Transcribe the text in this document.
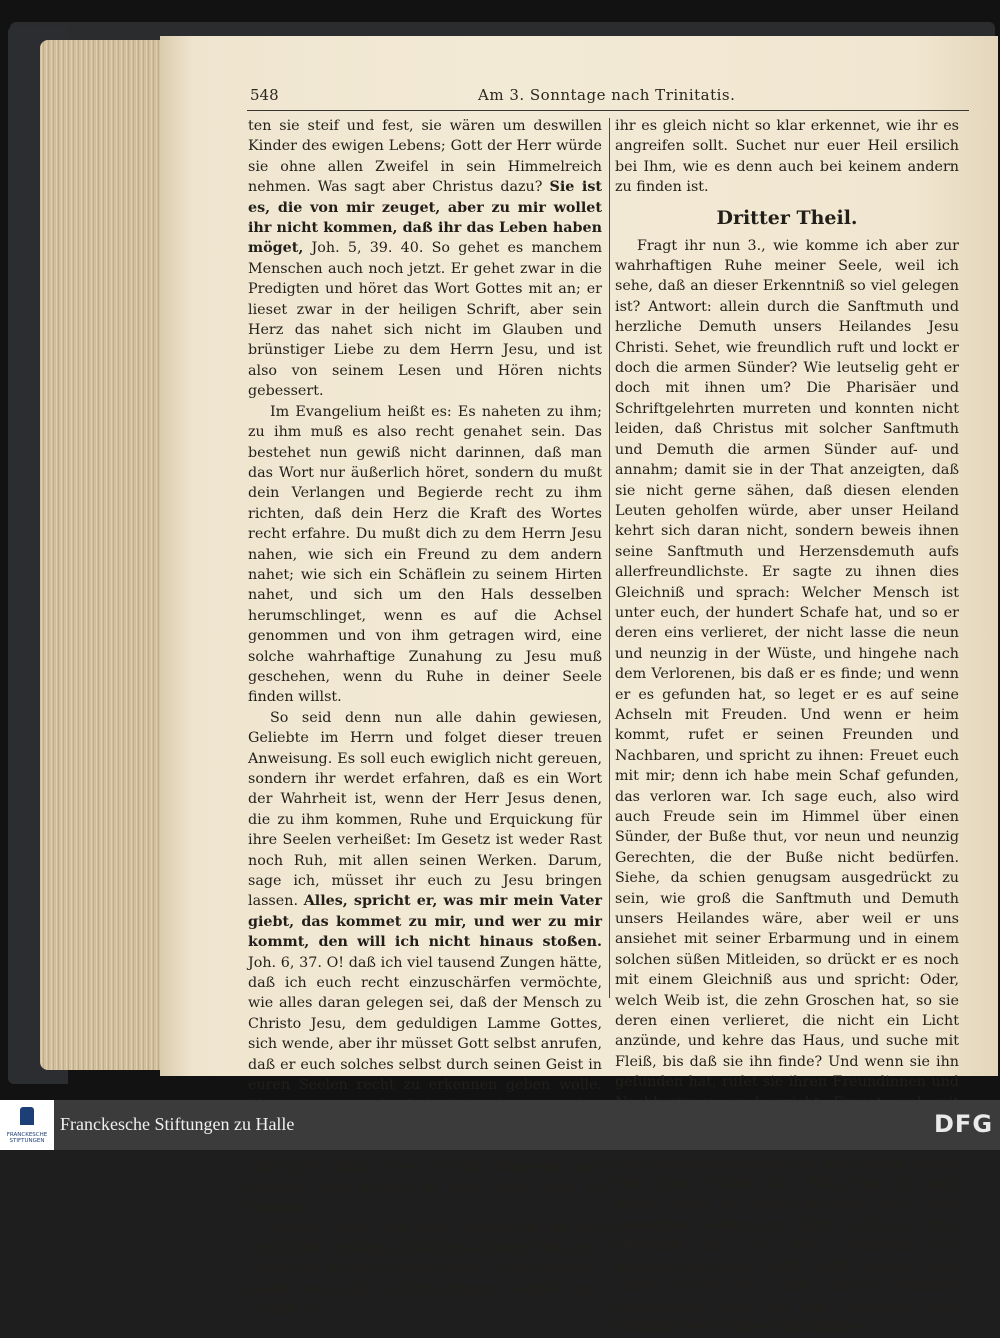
548	Am 3. Sonntage nach Trinitatis.

ten sie steif und fest, sie wären um deswillen Kinder des ewigen Lebens; Gott der Herr würde sie ohne allen Zweifel in sein Himmelreich nehmen. Was sagt aber Christus dazu? Sie ist es, die von mir zeuget, aber zu mir wollet ihr nicht kommen, daß ihr das Leben haben möget, Joh. 5, 39. 40. So gehet es manchem Menschen auch noch jetzt. Er gehet zwar in die Predigten und höret das Wort Gottes mit an; er lieset zwar in der heiligen Schrift, aber sein Herz das nahet sich nicht im Glauben und brünstiger Liebe zu dem Herrn Jesu, und ist also von seinem Lesen und Hören nichts gebessert.

Im Evangelium heißt es: Es naheten zu ihm; zu ihm muß es also recht genahet sein. Das bestehet nun gewiß nicht darinnen, daß man das Wort nur äußerlich höret, sondern du mußt dein Verlangen und Begierde recht zu ihm richten, daß dein Herz die Kraft des Wortes recht erfahre. Du mußt dich zu dem Herrn Jesu nahen, wie sich ein Freund zu dem andern nahet; wie sich ein Schäflein zu seinem Hirten nahet, und sich um den Hals desselben herumschlinget, wenn es auf die Achsel genommen und von ihm getragen wird, eine solche wahrhaftige Zunahung zu Jesu muß geschehen, wenn du Ruhe in deiner Seele finden willst.

So seid denn nun alle dahin gewiesen, Geliebte im Herrn und folget dieser treuen Anweisung. Es soll euch ewiglich nicht gereuen, sondern ihr werdet erfahren, daß es ein Wort der Wahrheit ist, wenn der Herr Jesus denen, die zu ihm kommen, Ruhe und Erquickung für ihre Seelen verheißet: Im Gesetz ist weder Rast noch Ruh, mit allen seinen Werken. Darum, sage ich, müsset ihr euch zu Jesu bringen lassen. Alles, spricht er, was mir mein Vater giebt, das kommet zu mir, und wer zu mir kommt, den will ich nicht hinaus stoßen. Joh. 6, 37. O! daß ich viel tausend Zungen hätte, daß ich euch recht einzuschärfen vermöchte, wie alles daran gelegen sei, daß der Mensch zu Christo Jesu, dem geduldigen Lamme Gottes, sich wende, aber ihr müsset Gott selbst anrufen, daß er euch solches selbst durch seinen Geist in euren Seelen recht zu erkennen geben wolle. viele Jahre dahin, ehe er recht schmecket und erfähret, was es sei, zu dem Herrn Jesu zu kommen.

Darum lasset uns doch dieses um so viel ernstlicher erwägen, daß kein anderer Weg zum Leben sei, als das Lamm Gottes, Jesus Christus, lasset euch doch zu ihm bringen, wendet euch zu ihm, ob

ihr es gleich nicht so klar erkennet, wie ihr es angreifen sollt. Suchet nur euer Heil ersilich bei Ihm, wie es denn auch bei keinem andern zu finden ist.

Dritter Theil.

Fragt ihr nun 3., wie komme ich aber zur wahrhaftigen Ruhe meiner Seele, weil ich sehe, daß an dieser Erkenntniß so viel gelegen ist? Antwort: allein durch die Sanftmuth und herzliche Demuth unsers Heilandes Jesu Christi. Sehet, wie freundlich ruft und lockt er doch die armen Sünder? Wie leutselig geht er doch mit ihnen um? Die Pharisäer und Schriftgelehrten murreten und konnten nicht leiden, daß Christus mit solcher Sanftmuth und Demuth die armen Sünder auf- und annahm; damit sie in der That anzeigten, daß sie nicht gerne sähen, daß diesen elenden Leuten geholfen würde, aber unser Heiland kehrt sich daran nicht, sondern beweis ihnen seine Sanftmuth und Herzensdemuth aufs allerfreundlichste. Er sagte zu ihnen dies Gleichniß und sprach: Welcher Mensch ist unter euch, der hundert Schafe hat, und so er deren eins verlieret, der nicht lasse die neun und neunzig in der Wüste, und hingehe nach dem Verlorenen, bis daß er es finde; und wenn er es gefunden hat, so leget er es auf seine Achseln mit Freuden. Und wenn er heim kommt, rufet er seinen Freunden und Nachbaren, und spricht zu ihnen: Freuet euch mit mir; denn ich habe mein Schaf gefunden, das verloren war. Ich sage euch, also wird auch Freude sein im Himmel über einen Sünder, der Buße thut, vor neun und neunzig Gerechten, die der Buße nicht bedürfen. Siehe, da schien genugsam ausgedrückt zu sein, wie groß die Sanftmuth und Demuth unsers Heilandes wäre, aber weil er uns ansiehet mit seiner Erbarmung und in einem solchen süßen Mitleiden, so drückt er es noch mit einem Gleichniß aus und spricht: Oder, welch Weib ist, die zehn Groschen hat, so sie deren einen verlieret, die nicht ein Licht anzünde, und kehre das Haus, und suche mit Fleiß, bis daß sie ihn finde? Und wenn sie ihn gefunden hat, rufet sie ihren Freundinnen und euch, wird Freude sein vor den Engeln Gottes über einen Sünder, der Buße thut. Ja, auch daran lässet es unser Heiland noch nicht bewenden, sondern er führt noch das dritte Gleichniß an, von dem verlornen und wiedergefundenen Sohn; und wendet also vielen Fleiß an, den armen Sündern vorzustellen, was für ein Erbarmen und Mitleiden er mit ihrem sündlichen

FRANCKESCHE STIFTUNGEN
Franckesche Stiftungen zu Halle	DFG
